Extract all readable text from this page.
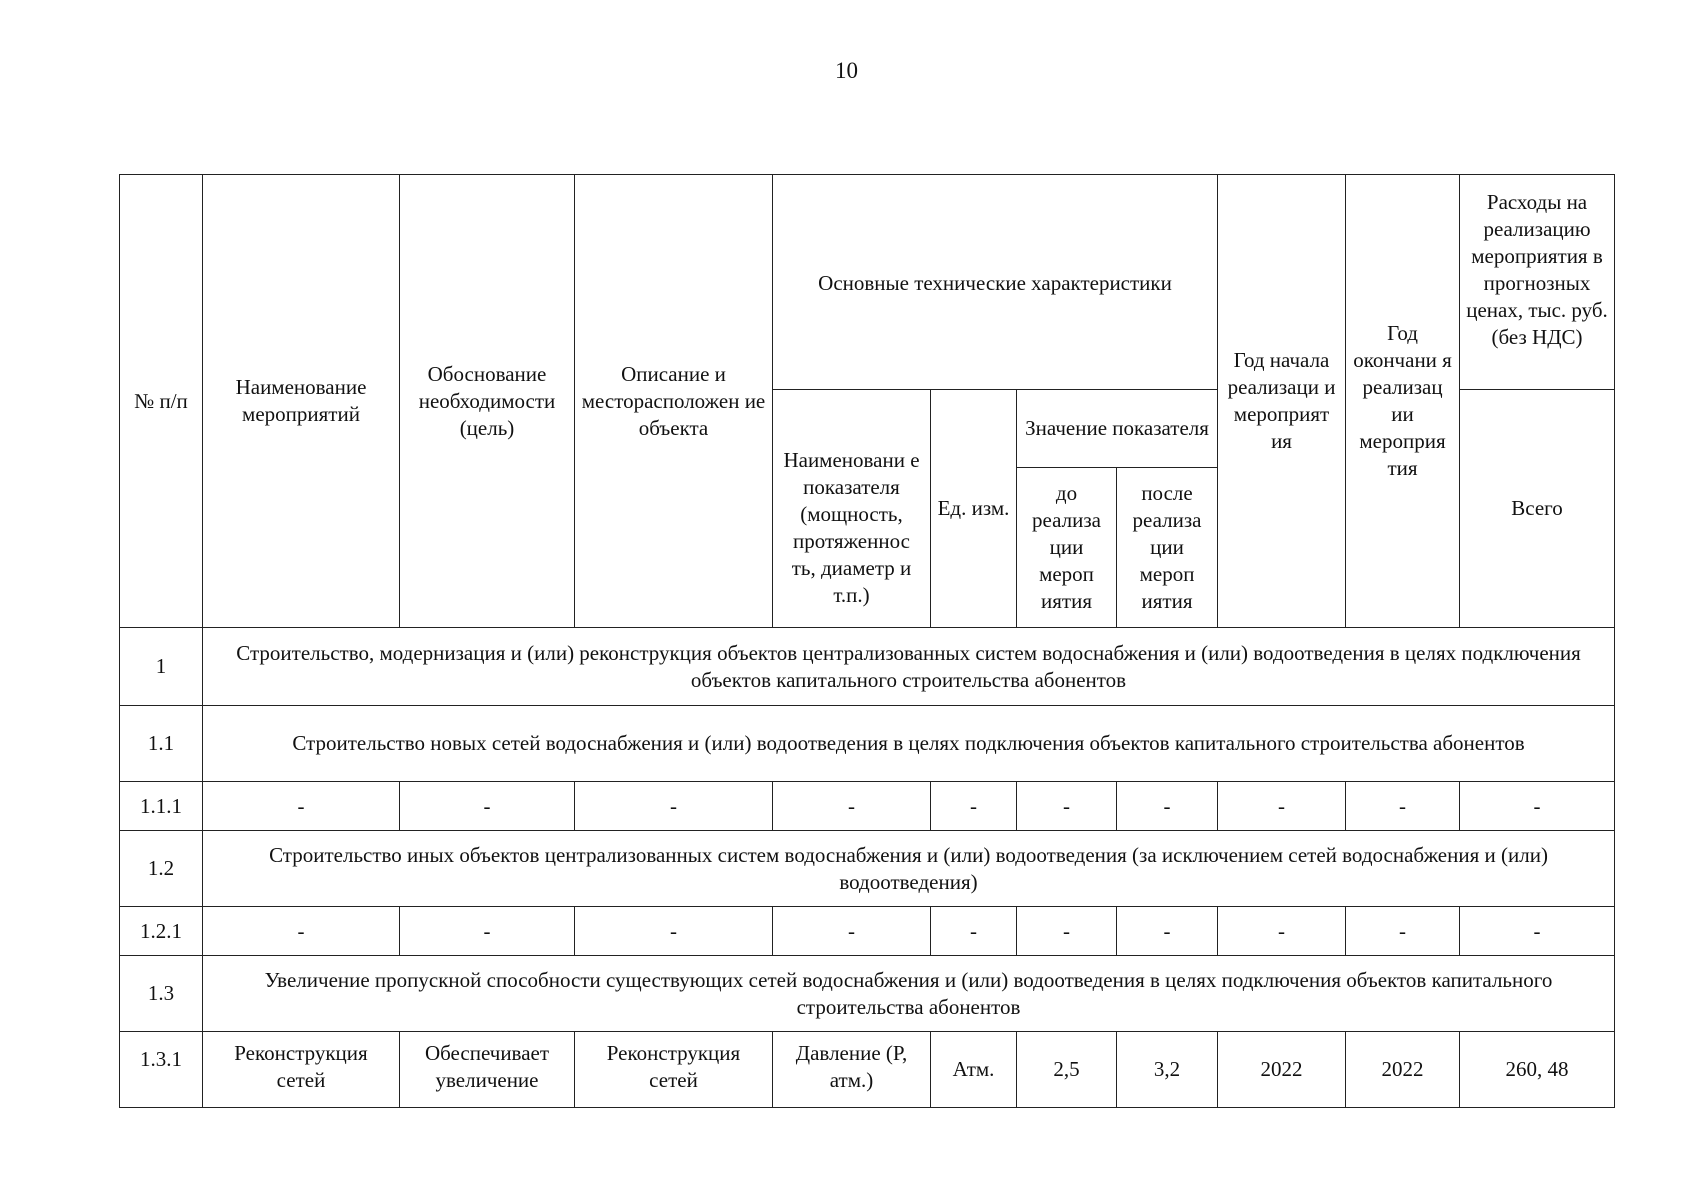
10
№ п/п	Наименование мероприятий	Обоснование необходимости (цель)	Описание и месторасположен ие объекта	Основные технические характеристики				Год начала реализаци и мероприят ия	Год окончани я реализац ии мероприя тия	Расходы на реализацию мероприятия в прогнозных ценах, тыс. руб. (без НДС)
				Наименовани е показателя (мощность, протяженнос ть, диаметр и т.п.)	Ед. изм.	Значение показателя				Всего
						до реализа ции мероп иятия	после реализа ции мероп иятия			
1	Строительство, модернизация и (или) реконструкция объектов централизованных систем водоснабжения и (или) водоотведения в целях подключения объектов капитального строительства абонентов									
1.1	Строительство новых сетей водоснабжения и (или) водоотведения в целях подключения объектов капитального строительства абонентов									
1.1.1	-	-	-	-	-	-	-	-	-	-
1.2	Строительство иных объектов централизованных систем водоснабжения и (или) водоотведения (за исключением сетей водоснабжения и (или) водоотведения)									
1.2.1	-	-	-	-	-	-	-	-	-	-
1.3	Увеличение пропускной способности существующих сетей водоснабжения и (или) водоотведения в целях подключения объектов капитального строительства абонентов									
1.3.1	Реконструкция сетей	Обеспечивает увеличение	Реконструкция сетей	Давление (Р, атм.)	Атм.	2,5	3,2	2022	2022	260, 48
